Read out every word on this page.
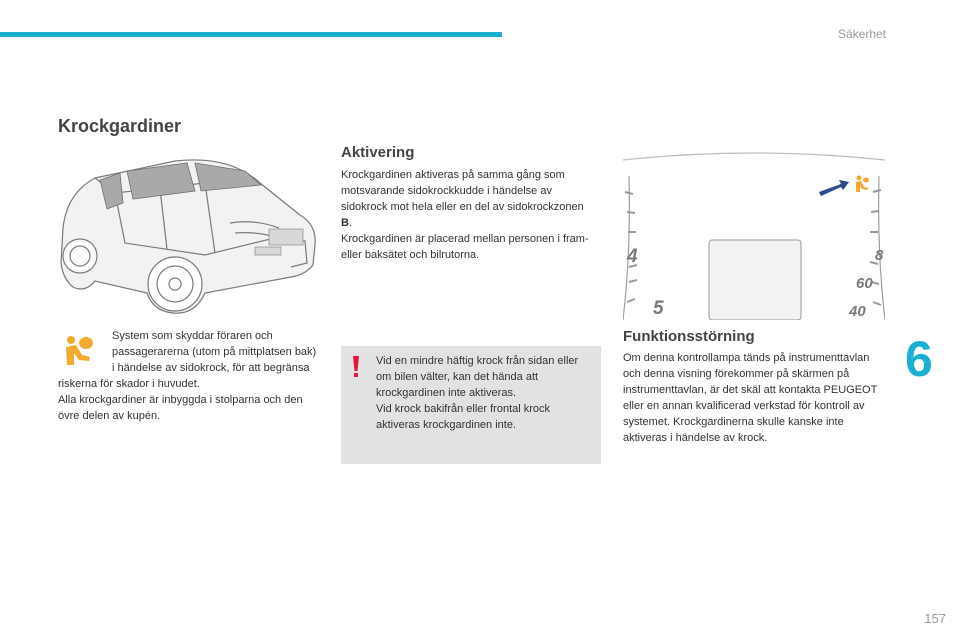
Säkerhet
Krockgardiner

System som skyddar föraren och passagerarerna (utom på mittplatsen bak) i händelse av sidokrock, för att begränsa riskerna för skador i huvudet.
Alla krockgardiner är inbyggda i stolparna och den övre delen av kupén.

Aktivering

Krockgardinen aktiveras på samma gång som motsvarande sidokrockkudde i händelse av sidokrock mot hela eller en del av sidokrockzonen B.
Krockgardinen är placerad mellan personen i fram- eller baksätet och bilrutorna.

Vid en mindre häftig krock från sidan eller om bilen välter, kan det hända att krockgardinen inte aktiveras.
Vid krock bakifrån eller frontal krock aktiveras krockgardinen inte.

4
5
8
60
40
Funktionsstörning

Om denna kontrollampa tänds på instrumenttavlan och denna visning förekommer på skärmen på instrumenttavlan, är det skäl att kontakta PEUGEOT eller en annan kvalificerad verkstad för kontroll av systemet. Krockgardinerna skulle kanske inte aktiveras i händelse av krock.

6
157
